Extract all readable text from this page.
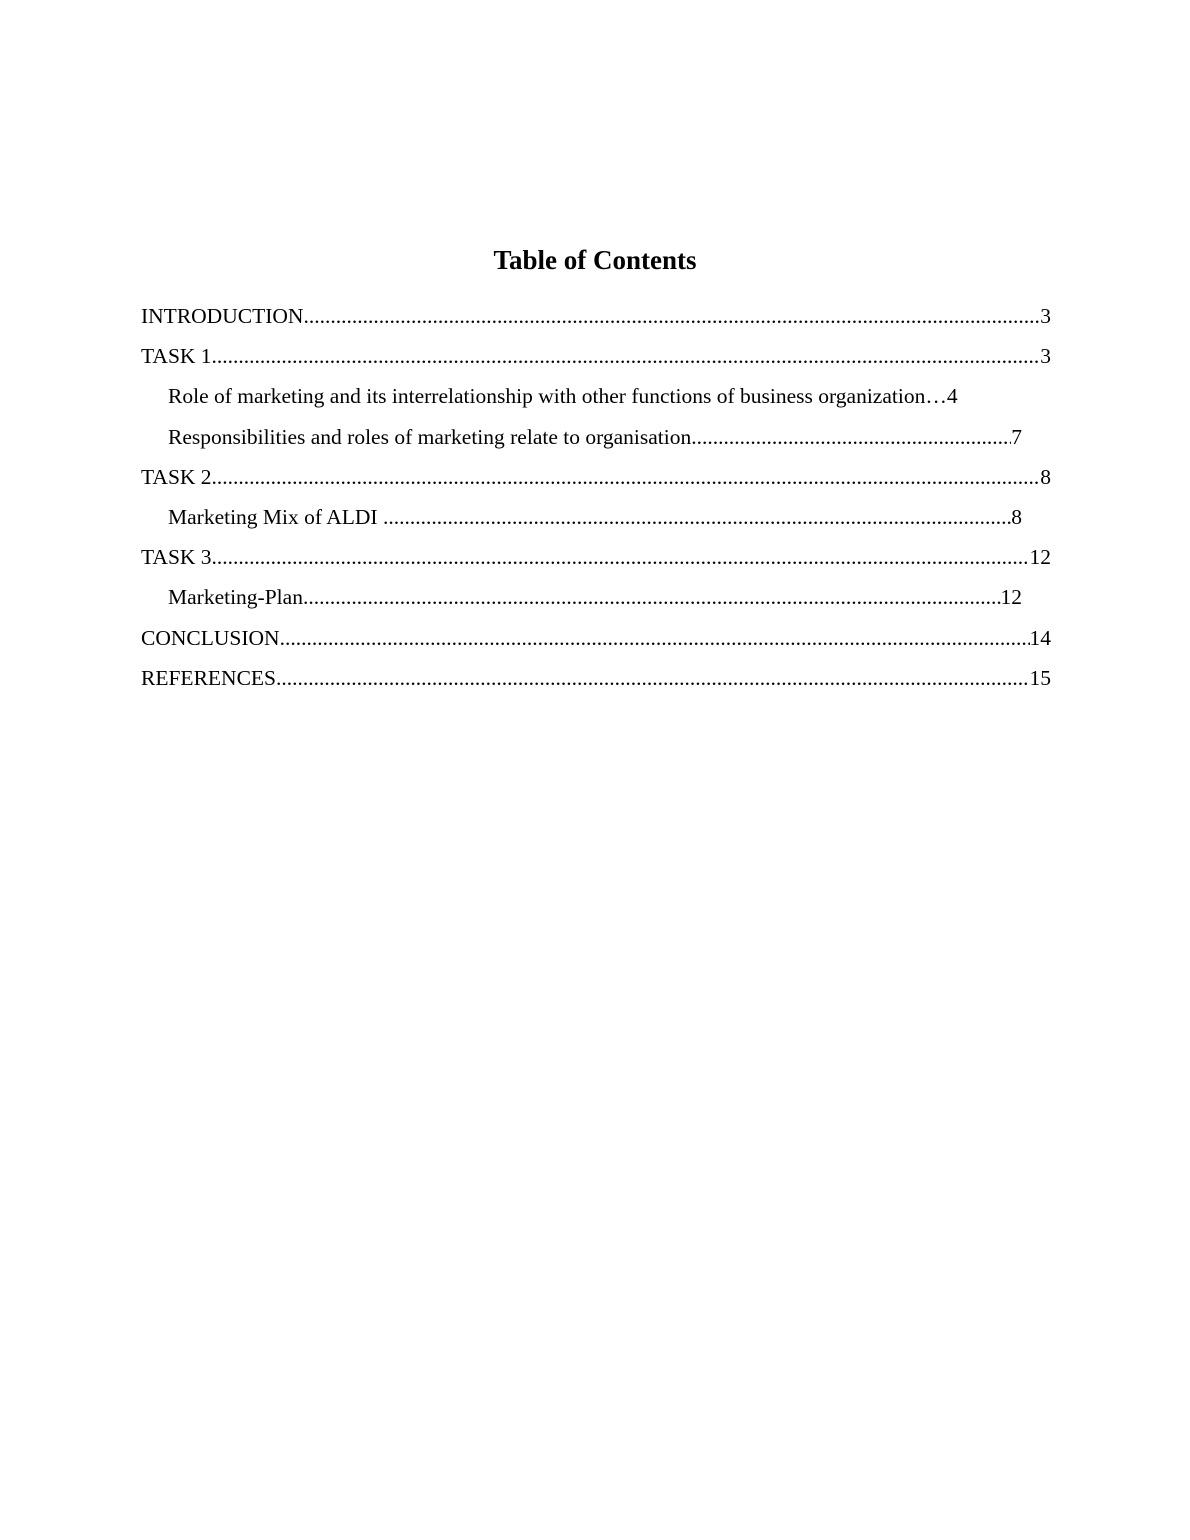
Table of Contents
INTRODUCTION .....	3
TASK 1 .....	3
Role of marketing and its interrelationship with other functions of business organization… 4
Responsibilities and roles of marketing relate to organisation .....	7
TASK 2 .....	8
Marketing Mix of ALDI .....	8
TASK 3 .....	12
Marketing-Plan .....	12
CONCLUSION .....	14
REFERENCES .....	15
